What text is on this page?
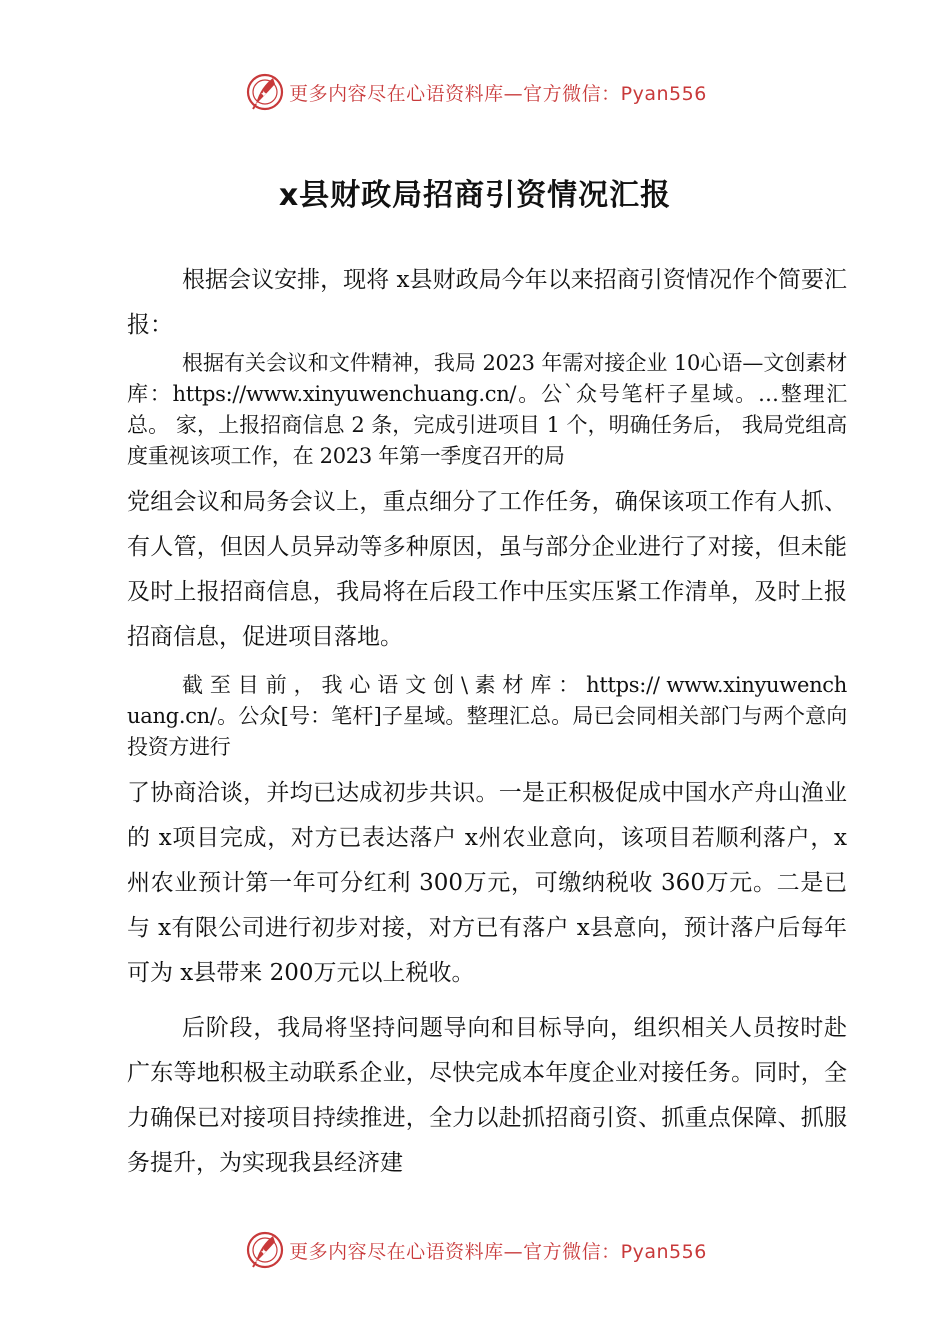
✦ 更多内容尽在心语资料库—官方微信：Pyan556
x县财政局招商引资情况汇报

根据会议安排，现将 x县财政局今年以来招商引资情况作个简要汇报：

根据有关会议和文件精神，我局 2023 年需对接企业 10心语—文创素材库：https://www.xinyuwenchuang.cn/。公`众号笔杆子星域。…整理汇总。 家，上报招商信息 2 条，完成引进项目 1 个，明确任务后， 我局党组高度重视该项工作，在 2023 年第一季度召开的局

党组会议和局务会议上，重点细分了工作任务，确保该项工作有人抓、有人管，但因人员异动等多种原因，虽与部分企业进行了对接，但未能及时上报招商信息，我局将在后段工作中压实压紧工作清单，及时上报招商信息，促进项目落地。

截 至 目 前 ， 我 心 语 文 创 \ 素 材 库 ： https:// www.xinyuwenchuang.cn/。公众[号：笔杆]子星域。整理汇总。局已会同相关部门与两个意向投资方进行

了协商洽谈，并均已达成初步共识。一是正积极促成中国水产舟山渔业的 x项目完成，对方已表达落户 x州农业意向，该项目若顺利落户，x州农业预计第一年可分红利 300万元，可缴纳税收 360万元。二是已与 x有限公司进行初步对接，对方已有落户 x县意向，预计落户后每年可为 x县带来 200万元以上税收。

后阶段，我局将坚持问题导向和目标导向，组织相关人员按时赴广东等地积极主动联系企业，尽快完成本年度企业对接任务。同时，全力确保已对接项目持续推进，全力以赴抓招商引资、抓重点保障、抓服务提升，为实现我县经济建

✦ 更多内容尽在心语资料库—官方微信：Pyan556
